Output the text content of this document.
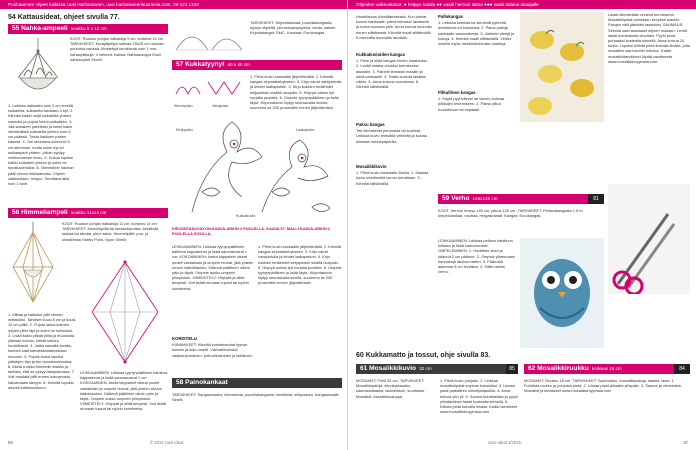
Puuhaamme ohjeet kaikissa Uusi Harkaraneen, uusi harkaraneenkuommia.com, 09-123 1234
54 Kattausideat, ohjeet sivulla 77.
55 Nahka-ampeeli noukku 9 x 12 cm
KOOT: Ruukun pohjan halkaisija 9 cm, korkeus 12 cm TARVIKKEET: Kuusjäljettyä nahkaa 25x25 cm nauhaa, punottua nahkaa, tiivistettyä tarvikkeita noin 1 mm, nahkapilkkuja, 4 helmeä. Nahka: Nahkakauppa Eskil, nahkanyörit Sinelli.
1. Leikkaa nahkasta noin 2 cm leveitä suikaleita, suikaleita tarvitaan 4 kpl. 2. Kiinnitä kaikki neljä suikaletta yhteen solmulla ja pujota helmi paikalleen. 3. Jaa suikaleet pareittain ja solmi kaksi vierekkäistä suikaletta yhteen noin 5 cm päässä. Toista kaikkien parien kanssa. 4. Tee seuraava solmurivi 5 cm alemmas, mutta solmi nyt eri suikaleparit yhteen, jolloin syntyy verkkomainen kuvio. 5. Kokoa lopuksi kaikki suikaleet yhteen ja solmi ne ripustuslenkiksi. 6. Viimeistele nauhan päät vinoon leikkaamalla. Ohjeen vaikeustaso: helppo. Tarvittava aika noin 1 tunti.
56 Himmeliampeli noukku 11x14 cm
KOOT: Ruukun pohjan halkaisija 11 cm, korkeus 14 cm TARVIKKEET: Alumiinipilliä tai messinkiputkia, kestävää lankaa tai siimaa, pieni saksi. Himmelipillit: puu- ja ulmalineaa Hobby Point, Nyon Sinelli.
1. Mittaa ja katkaise pillit oikean mittaisiksi. Tarvitset kuusi 8 cm ja kuusi 12 cm pilliä. 2. Pujota lanka kolmen lyhyen pillin läpi ja solmi ne kolmioksi. 3. Lisää kaksi pitkää pilliä ja muodosta yläosan kolmio, kiristä solmut huolellisesti. 4. Jatka samalla tavalla, kunnes saat kahdeksantahokkaan muodon. 5. Pujota lanka lopuksi yläkärjen läpi ja tee ripustussilmukka. 6. Aseta ruukku himmelin sisään ja tarkista, että se pysyy tasapainossa. 7. Voit maalata pillit ennen kokoamista haluamaasi sävyyn. 8. Kiinnitä lopuksi ampeli kattokoukkuun.
LEIKKAAMINEN: Leikkaa tyynynpäällinen kahtena kappaleena ja lisää saumanvarat 1 cm. KOKOAMINEN: Aseta kappaleet oikeat puolet vastakkain ja ompele reunat, jätä yhteen sivuun kääntöaukko. Käännä päällinen oikein päin ja täytä. Ompele aukko umpeen piilopistoin. VIIMEISTELY: Höyrytä ja silitä kevyesti. Voit lisätä reunaan tupsut tai nyörin koristeeksi.
TARVIKKEET: Kirjontalankaa, puuvillakangasta, tyynyn täytettä, piirroskopiopaperia, neula, sakset. Kirjontalangat: DMC. Kankaat: Eurokangas.
57 Kukkatyynyt 40 x 40 cm
Kiinnepisto	Varsipisto
1. Piirrä kuvio kankaalle jäljentämällä. 2. Kiinnitä kangas kirjontakehykseen. 3. Kirjo varret varsipistolla ja lehdet laakapistoin. 4. Kirjo kukkien terälehdet ketjupistoin sisältä ulospäin. 5. Höyryä valmis työ nurjalta puolelta. 6. Ompele tyynynpäällinen ja lisää täyte. Kirjontakuvio löytyy seuraavalta sivulta, suurenna se 200 prosenttiin ennen jäljentämistä.
Ketjupisto	Laakapisto
Kukkakuvio
KIRJONTAKUVIO ON KAAVA-ARKIN 2 PUOLELLA, KAAVA 57. MALLI KAAVA-ARKIN 2 PUOLELLA SIVULLA.
LEIKKAAMINEN: Leikkaa tyynynpäällinen kahtena kappaleena ja lisää saumanvarat 1 cm. KOKOAMINEN: Aseta kappaleet oikeat puolet vastakkain ja ompele reunat, jätä yhteen sivuun kääntöaukko. Käännä päällinen oikein päin ja täytä. Ompele aukko umpeen piilopistoin. VIIMEISTELY: Höyrytä ja silitä kevyesti. Voit lisätä reunaan tupsut tai nyörin koristeeksi.
KORISTELU
KIINNIKKEET: Kiinnitä koristenauhat tyynyn kulmiin ja sido rusetit. Värivaihtoehdot: vaaleanpunainen, petroolinsininen ja keltainen.
1. Piirrä kuvio kankaalle jäljentämällä. 2. Kiinnitä kangas kirjontakehykseen. 3. Kirjo varret varsipistolla ja lehdet laakapistoin. 4. Kirjo kukkien terälehdet ketjupistoin sisältä ulospäin. 5. Höyryä valmis työ nurjalta puolelta. 6. Ompele tyynynpäällinen ja lisää täyte. Kirjontakuvio löytyy seuraavalta sivulta, suurenna se 200 prosenttiin ennen jäljentämistä.
58 Painokankaat
TARVIKKEET: Kangasmaalia, leimasimia, puuvillakangasta, siveltimiä, silitysrauta. Kangasmaalit: Sinelli.
58	© 2015 Uusi Ideat
Ohjeiden vaikeustasot: ● helppo taitala ●● vaatii hieman taitoa ●●● vaatii taitava osaajalle
Huolellisuus kiinnittämisessä. Kun painat kuvion kankaalle, paina leimasin tasaisesti ja nosta suoraan ylös. Anna kuivua kunnolla ennen silittämistä. Kiinnitä maali silittämällä 5 minuuttia kuumalla raudalla.
Kukkakuvioiden kangas
1. Pese ja silitä kangas ennen maalausta. 2. Levitä maalia ohueksi kerrokseksi alustalle. 3. Painele leimasin maaliin ja siirrä kankaalle. 4. Toista kuviota tasaisin välein. 5. Anna kuivua vuorokausi. 6. Kiinnitä silittämällä.
Paksu kangas
Tee leimasimet perunasta tai korkista. Leikkaa kuvio terävällä veitsellä ja kuivaa leimasin talouspaperilla.
Mosaiikkikuvio
1. Piirrä kuvio kankaalle liidulla. 2. Maalaa kuvio siveltimellä kerros kerrallaan. 3. Kiinnitä silittämällä.
Pallokangas
1. Leikkaa korkista tai sienestä pyöreitä leimasimia eri kokoisina. 2. Paina palloja kankaalle satunnaisesti. 3. Vaihtele värejä ja kokoja. 4. Kiinnitä maali silittämällä. Vinkki: kokeile myös metallinhohtoisia maaleja.
Pilkullinen kangas
1. Käytä pyyheliinan tai sienen kulmaa pilkkujen tekemiseen. 2. Paina pilkut ruudukkoon tai vapaasti.
Laasti kiinnitetään ohuena kerroksena. Mosaiikkipalat painetaan kevyesti laastiin. Palojen välit jätetään tasaisiksi. SAUMAUS: Sekoita saumauslaasti ohjeen mukaan. Levitä laasti kumilastalla vinottain. Pyyhi pinta puhtaaksi kostealla sienellä. Anna kuivua 24 tuntia. Lopuksi kiillota pinta kuivalla liinalla, jotta mosaiikki saa kauniin hohdon. Kaikki mosaiikkitarvikkeet löydät osoitteesta www.mosaiikkimyymala.com.
59 Verho 145x120 cm	81
KOOT: Verhon leveys 145 cm, pituus 120 cm. TARVIKKEET: Pellavakangasta 1,5 m, ompelulankaa, nauhaa, rengasnastat. Kangas: Eurokangas.
LEIKKAAMINEN: Leikkaa pellava haluttuun mittaan ja lisää saumanvarat. OMPELEMINEN: 1. Huolittele sivut ja käännä 2 cm päärme. 2. Ompele yläreunaan nauhakuja tankoa varten. 3. Päärmää alareuna 5 cm leveäksi. 4. Silitä valmis verho.
60 Kukkamatto ja tossut, ohje sivulla 83.
61 Mosaiikkikuvio 32 cm	85
MOSAIIKIT: Pöllö 32 cm. TARVIKKEET: Mosaiikkipaloja, kiinnityslaastia, saumauslaastia, lasinleikkuri, kumilasta. Mosaiikit: Askartelukauppa.
1. Piirrä kuvio pohjalle. 2. Leikkaa mosaiikkipalat sopivan kokoisiksi. 3. Liimaa palat paikalleen kiinnityslaastilla. 4. Anna kuivua yön yli. 5. Sauma kumilastalla ja pyyhi ylimääräinen laasti kostealla sienellä. 6. Kiillota pinta kuivalla liinalla. Kaikki tarvikkeet www.mosaiikkimyymala.com
62 Mosaiikkiruukku korkeus 18 cm	84
MOSAIIKIT: Ruukku 18 cm. TARVIKKEET: Saviruukku, mosaiikkipaloja, laastia, lasta. 1. Puhdista ruukku ja pohjusta pinta. 2. Liimaa palat alhaalta ylöspäin. 3. Sauma ja viimeistele. Mosaiikit ja tarvikkeet www.mosaiikkimyymala.com
37
Uusi Ideat 1/2015
